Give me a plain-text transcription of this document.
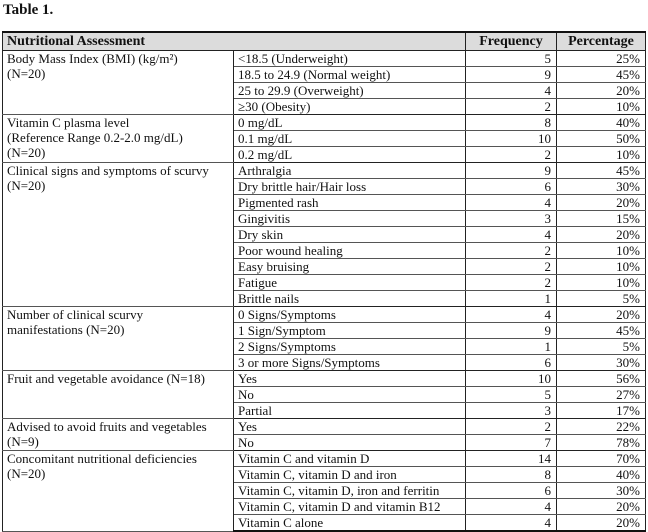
Table 1.
Nutritional Assessment		Frequency	Percentage

Body Mass Index (BMI) (kg/m²)
(N=20)	<18.5 (Underweight)	5	25%
	18.5 to 24.9 (Normal weight)	9	45%
	25 to 29.9 (Overweight)	4	20%
	≥30 (Obesity)	2	10%

Vitamin C plasma level
(Reference Range 0.2-2.0 mg/dL)
(N=20)	0 mg/dL	8	40%
	0.1 mg/dL	10	50%
	0.2 mg/dL	2	10%

Clinical signs and symptoms of scurvy
(N=20)	Arthralgia	9	45%
	Dry brittle hair/Hair loss	6	30%
	Pigmented rash	4	20%
	Gingivitis	3	15%
	Dry skin	4	20%
	Poor wound healing	2	10%
	Easy bruising	2	10%
	Fatigue	2	10%
	Brittle nails	1	5%

Number of clinical scurvy
manifestations (N=20)	0 Signs/Symptoms	4	20%
	1 Sign/Symptom	9	45%
	2 Signs/Symptoms	1	5%
	3 or more Signs/Symptoms	6	30%

Fruit and vegetable avoidance (N=18)	Yes	10	56%
	No	5	27%
	Partial	3	17%

Advised to avoid fruits and vegetables
(N=9)	Yes	2	22%
	No	7	78%

Concomitant nutritional deficiencies
(N=20)	Vitamin C and vitamin D	14	70%
	Vitamin C, vitamin D and iron	8	40%
	Vitamin C, vitamin D, iron and ferritin	6	30%
	Vitamin C, vitamin D and vitamin B12	4	20%
	Vitamin C alone	4	20%
